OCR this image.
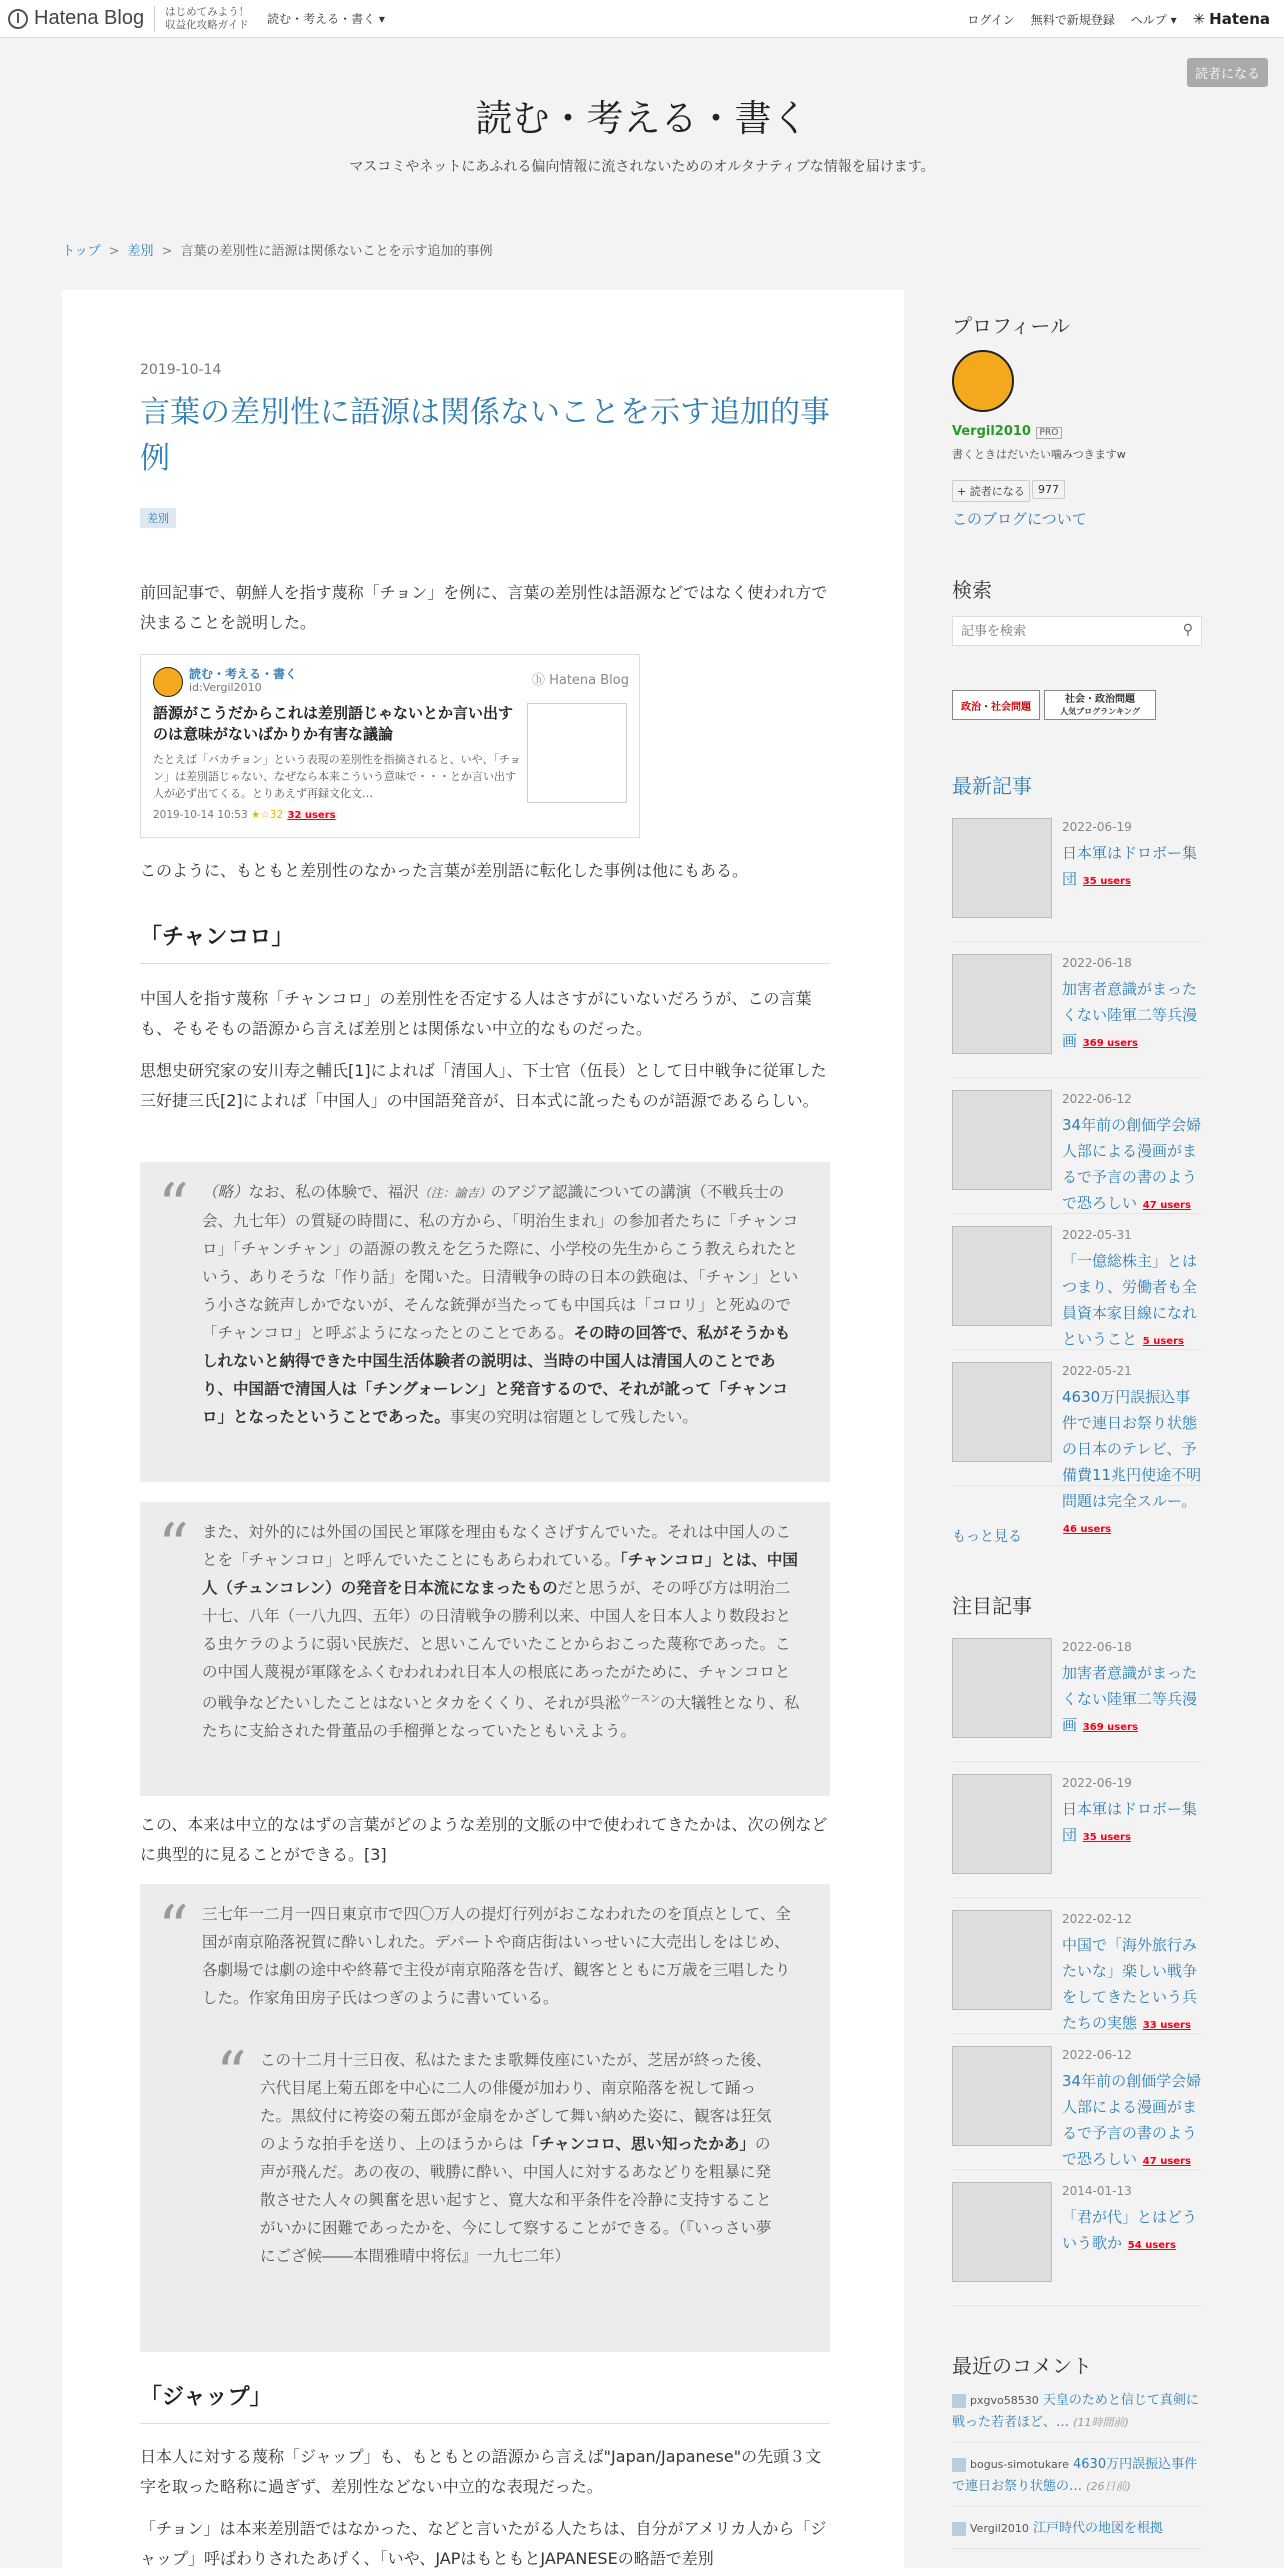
Hatena Blog はじめてみよう！
収益化攻略ガイド 読む・考える・書く ▾	ログイン 無料で新規登録 ヘルプ ▾ ✳ Hatena
読者になる
読む・考える・書く
マスコミやネットにあふれる偏向情報に流されないためのオルタナティブな情報を届けます。
トップ > 差別 > 言葉の差別性に語源は関係ないことを示す追加的事例
2019-10-14
言葉の差別性に語源は関係ないことを示す追加的事例
差別
前回記事で、朝鮮人を指す蔑称「チョン」を例に、言葉の差別性は語源などではなく使われ方で決まることを説明した。
読む・考える・書く
id:Vergil2010	ⓗ Hatena Blog
語源がこうだからこれは差別語じゃないとか言い出すのは意味がないばかりか有害な議論
たとえば「バカチョン」という表現の差別性を指摘されると、いや、「チョン」は差別語じゃない、なぜなら本来こういう意味で・・・とか言い出す人が必ず出てくる。とりあえず再録文化文…
2019-10-14 10:53 ★☆32 32 users
このように、もともと差別性のなかった言葉が差別語に転化した事例は他にもある。
「チャンコロ」
中国人を指す蔑称「チャンコロ」の差別性を否定する人はさすがにいないだろうが、この言葉も、そもそもの語源から言えば差別とは関係ない中立的なものだった。
思想史研究家の安川寿之輔氏[1]によれば「清国人」、下士官（伍長）として日中戦争に従軍した三好捷三氏[2]によれば「中国人」の中国語発音が、日本式に訛ったものが語源であるらしい。
“ （略）なお、私の体験で、福沢（注：諭吉）のアジア認識についての講演（不戦兵士の会、九七年）の質疑の時間に、私の方から、「明治生まれ」の参加者たちに「チャンコロ」「チャンチャン」の語源の教えを乞うた際に、小学校の先生からこう教えられたという、ありそうな「作り話」を聞いた。日清戦争の時の日本の鉄砲は、「チャン」という小さな銃声しかでないが、そんな銃弾が当たっても中国兵は「コロリ」と死ぬので「チャンコロ」と呼ぶようになったとのことである。その時の回答で、私がそうかもしれないと納得できた中国生活体験者の説明は、当時の中国人は清国人のことであり、中国語で清国人は「チングォーレン」と発音するので、それが訛って「チャンコロ」となったということであった。事実の究明は宿題として残したい。
“ また、対外的には外国の国民と軍隊を理由もなくさげすんでいた。それは中国人のことを「チャンコロ」と呼んでいたことにもあらわれている。「チャンコロ」とは、中国人（チュンコレン）の発音を日本流になまったものだと思うが、その呼び方は明治二十七、八年（一八九四、五年）の日清戦争の勝利以来、中国人を日本人より数段おとる虫ケラのように弱い民族だ、と思いこんでいたことからおこった蔑称であった。この中国人蔑視が軍隊をふくむわれわれ日本人の根底にあったがために、チャンコロとの戦争などたいしたことはないとタカをくくり、それが呉淞$^{ウースン}$の大犠牲となり、私たちに支給された骨董品の手榴弾となっていたともいえよう。
この、本来は中立的なはずの言葉がどのような差別的文脈の中で使われてきたかは、次の例などに典型的に見ることができる。[3]
“ 三七年一二月一四日東京市で四〇万人の提灯行列がおこなわれたのを頂点として、全国が南京陥落祝賀に酔いしれた。デパートや商店街はいっせいに大売出しをはじめ、各劇場では劇の途中や終幕で主役が南京陥落を告げ、観客とともに万歳を三唱したりした。作家角田房子氏はつぎのように書いている。
“ この十二月十三日夜、私はたまたま歌舞伎座にいたが、芝居が終った後、六代目尾上菊五郎を中心に二人の俳優が加わり、南京陥落を祝して踊った。黒紋付に袴姿の菊五郎が金扇をかざして舞い納めた姿に、観客は狂気のような拍手を送り、上のほうからは「チャンコロ、思い知ったかあ」の声が飛んだ。あの夜の、戦勝に酔い、中国人に対するあなどりを粗暴に発散させた人々の興奮を思い起すと、寛大な和平条件を冷静に支持することがいかに困難であったかを、今にして察することができる。（『いっさい夢にござ候――本間雅晴中将伝』一九七二年）
「ジャップ」
日本人に対する蔑称「ジャップ」も、もともとの語源から言えば"Japan/Japanese"の先頭３文字を取った略称に過ぎず、差別性などない中立的な表現だった。
「チョン」は本来差別語ではなかった、などと言いたがる人たちは、自分がアメリカ人から「ジャップ」呼ばわりされたあげく、「いや、JAPはもともとJAPANESEの略語で差別
プロフィール
Vergil2010 PRO
書くときはだいたい噛みつきますw
+ 読者になる	977
このブログについて
検索
記事を検索
⚲
政治・社会問題
社会・政治問題
人気ブログランキング
最新記事
2022-06-19
日本軍はドロボー集団 35 users
2022-06-18
加害者意識がまったくない陸軍二等兵漫画 369 users
2022-06-12
34年前の創価学会婦人部による漫画がまるで予言の書のようで恐ろしい 47 users
2022-05-31
「一億総株主」とはつまり、労働者も全員資本家目線になれということ 5 users
2022-05-21
4630万円誤振込事件で連日お祭り状態の日本のテレビ、予備費11兆円使途不明問題は完全スルー。 46 users
もっと見る
注目記事
2022-06-18
加害者意識がまったくない陸軍二等兵漫画 369 users
2022-06-19
日本軍はドロボー集団 35 users
2022-02-12
中国で「海外旅行みたいな」楽しい戦争をしてきたという兵たちの実態 33 users
2022-06-12
34年前の創価学会婦人部による漫画がまるで予言の書のようで恐ろしい 47 users
2014-01-13
「君が代」とはどういう歌か 54 users
最近のコメント
pxgvo58530 天皇のためと信じて真剣に戦った若者ほど、… (11時間前)
bogus-simotukare 4630万円誤振込事件で連日お祭り状態の… (26日前)
Vergil2010 江戸時代の地図を根拠
